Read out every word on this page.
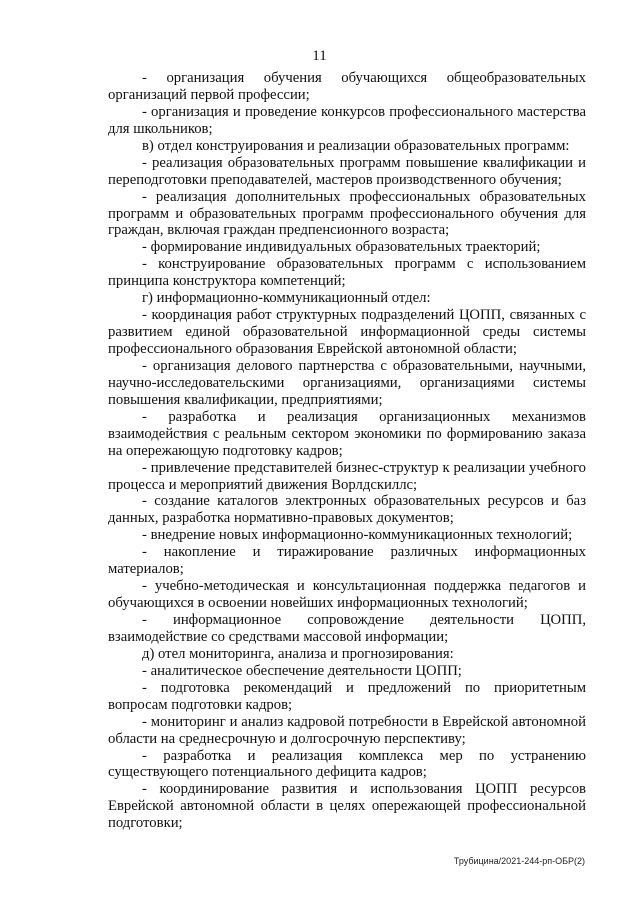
11

- организация обучения обучающихся общеобразовательных организаций первой профессии;

- организация и проведение конкурсов профессионального мастерства для школьников;

в) отдел конструирования и реализации образовательных программ:

- реализация образовательных программ повышение квалификации и переподготовки преподавателей, мастеров производственного обучения;

- реализация дополнительных профессиональных образовательных программ и образовательных программ профессионального обучения для граждан, включая граждан предпенсионного возраста;

- формирование индивидуальных образовательных траекторий;

- конструирование образовательных программ с использованием принципа конструктора компетенций;

г) информационно-коммуникационный отдел:

- координация работ структурных подразделений ЦОПП, связанных с развитием единой образовательной информационной среды системы профессионального образования Еврейской автономной области;

- организация делового партнерства с образовательными, научными, научно-исследовательскими организациями, организациями системы повышения квалификации, предприятиями;

- разработка и реализация организационных механизмов взаимодействия с реальным сектором экономики по формированию заказа на опережающую подготовку кадров;

- привлечение представителей бизнес-структур к реализации учебного процесса и мероприятий движения Ворлдскиллс;

- создание каталогов электронных образовательных ресурсов и баз данных, разработка нормативно-правовых документов;

- внедрение новых информационно-коммуникационных технологий;

- накопление и тиражирование различных информационных материалов;

- учебно-методическая и консультационная поддержка педагогов и обучающихся в освоении новейших информационных технологий;

- информационное сопровождение деятельности ЦОПП, взаимодействие со средствами массовой информации;

д) отел мониторинга, анализа и прогнозирования:

- аналитическое обеспечение деятельности ЦОПП;

- подготовка рекомендаций и предложений по приоритетным вопросам подготовки кадров;

- мониторинг и анализ кадровой потребности в Еврейской автономной области на среднесрочную и долгосрочную перспективу;

- разработка и реализация комплекса мер по устранению существующего потенциального дефицита кадров;

- координирование развития и использования ЦОПП ресурсов Еврейской автономной области в целях опережающей профессиональной подготовки;

Трубицина/2021-244-рп-ОБР(2)
